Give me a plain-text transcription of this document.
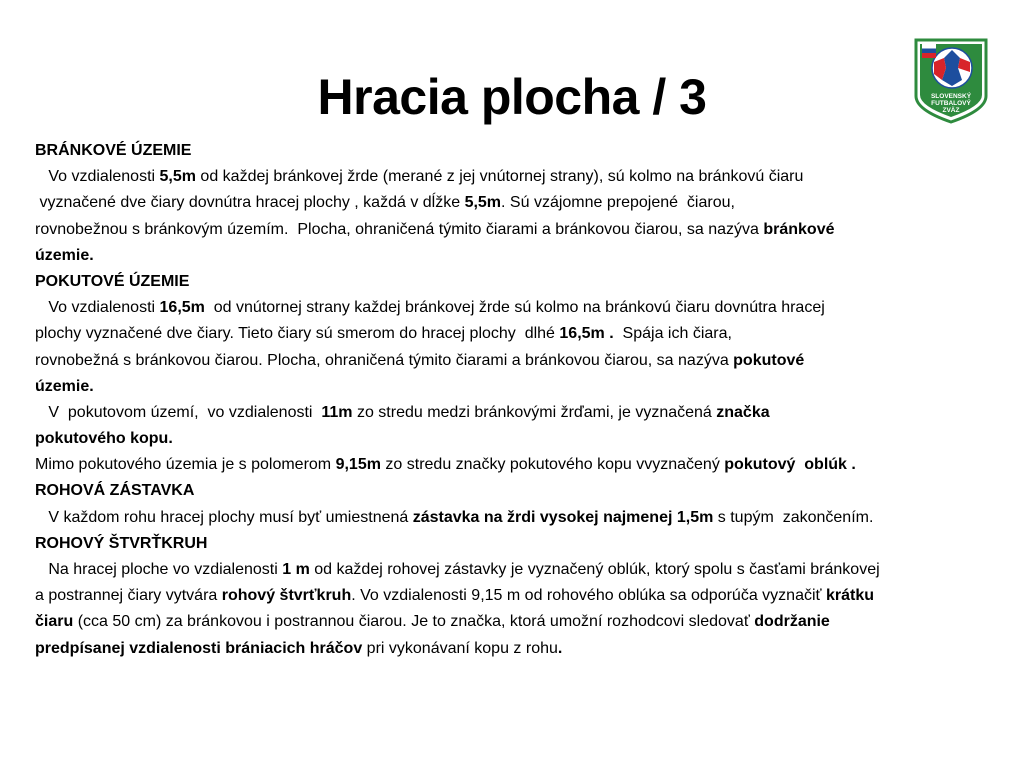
Hracia plocha / 3	SLOVENSKÝ
FUTBALOVÝ
ZVÄZ
BRÁNKOVÉ ÚZEMIE
Vo vzdialenosti 5,5m od každej bránkovej žrde (merané z jej vnútornej strany), sú kolmo na bránkovú čiaru
vyznačené dve čiary dovnútra hracej plochy , každá v dĺžke 5,5m. Sú vzájomne prepojené  čiarou,
rovnobežnou s bránkovým územím.  Plocha, ohraničená týmito čiarami a bránkovou čiarou, sa nazýva bránkové
územie.
POKUTOVÉ ÚZEMIE
Vo vzdialenosti 16,5m  od vnútornej strany každej bránkovej žrde sú kolmo na bránkovú čiaru dovnútra hracej
plochy vyznačené dve čiary. Tieto čiary sú smerom do hracej plochy  dlhé 16,5m .  Spája ich čiara,
rovnobežná s bránkovou čiarou. Plocha, ohraničená týmito čiarami a bránkovou čiarou, sa nazýva pokutové
územie.
V  pokutovom území,  vo vzdialenosti  11m zo stredu medzi bránkovými žrďami, je vyznačená značka
pokutového kopu.
Mimo pokutového územia je s polomerom 9,15m zo stredu značky pokutového kopu vvyznačený pokutový  oblúk .
ROHOVÁ ZÁSTAVKA
V každom rohu hracej plochy musí byť umiestnená zástavka na žrdi vysokej najmenej 1,5m s tupým  zakončením.
ROHOVÝ ŠTVRŤKRUH
Na hracej ploche vo vzdialenosti 1 m od každej rohovej zástavky je vyznačený oblúk, ktorý spolu s časťami bránkovej
a postrannej čiary vytvára rohový štvrťkruh. Vo vzdialenosti 9,15 m od rohového oblúka sa odporúča vyznačiť krátku
čiaru (cca 50 cm) za bránkovou i postrannou čiarou. Je to značka, ktorá umožní rozhodcovi sledovať dodržanie
predpísanej vzdialenosti brániacich hráčov pri vykonávaní kopu z rohu.
